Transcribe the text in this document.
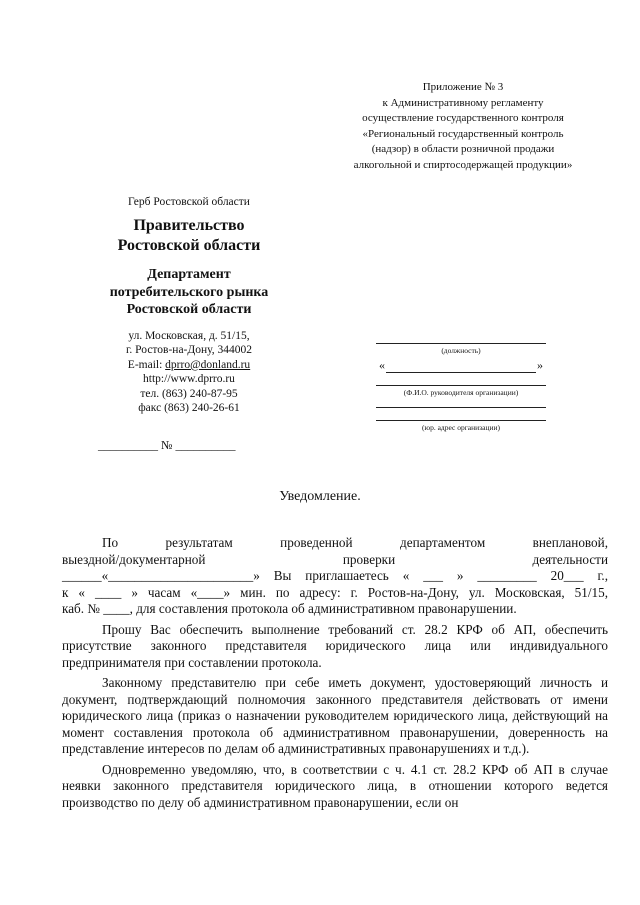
Приложение № 3
к Административному регламенту
осуществление государственного контроля
«Региональный государственный контроль
(надзор) в области розничной продажи
алкогольной и спиртосодержащей продукции»
Герб Ростовской области
Правительство
Ростовской области
Департамент
потребительского рынка
Ростовской области
ул. Московская, д. 51/15,
г. Ростов-на-Дону, 344002
E-mail: dprro@donland.ru
http://www.dprro.ru
тел. (863) 240-87-95
факс (863) 240-26-61
__________ № __________
(должность)
«	»
(Ф.И.О. руководителя организации)
(юр. адрес организации)
Уведомление.

По результатам проведенной департаментом внеплановой,
выездной/документарной проверки деятельности
______«______________________» Вы приглашаетесь « ___ » _________ 20___ г.,
к « ____ » часам «____» мин. по адресу: г. Ростов-на-Дону, ул. Московская, 51/15,
каб. № ____, для составления протокола об административном правонарушении.

Прошу Вас обеспечить выполнение требований ст. 28.2 КРФ об АП, обеспечить присутствие законного представителя юридического лица или индивидуального предпринимателя при составлении протокола.

Законному представителю при себе иметь документ, удостоверяющий личность и документ, подтверждающий полномочия законного представителя действовать от имени юридического лица (приказ о назначении руководителем юридического лица, действующий на момент составления протокола об административном правонарушении, доверенность на представление интересов по делам об административных правонарушениях и т.д.).

Одновременно уведомляю, что, в соответствии с ч. 4.1 ст. 28.2 КРФ об АП в случае неявки законного представителя юридического лица, в отношении которого ведется производство по делу об административном правонарушении, если он
